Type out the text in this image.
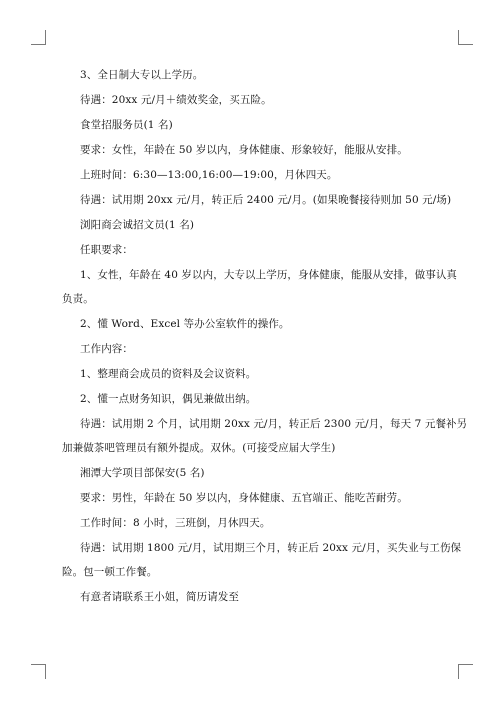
3、全日制大专以上学历。
待遇：20xx 元/月＋绩效奖金，买五险。
食堂招服务员(1 名)
要求：女性，年龄在 50 岁以内，身体健康、形象较好，能服从安排。
上班时间：6:30—13:00,16:00—19:00，月休四天。
待遇：试用期 20xx 元/月，转正后 2400 元/月。(如果晚餐接待则加 50 元/场)
浏阳商会诚招文员(1 名)
任职要求：
1、女性，年龄在 40 岁以内，大专以上学历，身体健康，能服从安排，做事认真
负责。
2、懂 Word、Excel 等办公室软件的操作。
工作内容：
1、整理商会成员的资料及会议资料。
2、懂一点财务知识，偶见兼做出纳。
待遇：试用期 2 个月，试用期 20xx 元/月，转正后 2300 元/月，每天 7 元餐补另
加兼做茶吧管理员有额外提成。双休。(可接受应届大学生)
湘潭大学项目部保安(5 名)
要求：男性，年龄在 50 岁以内，身体健康、五官端正、能吃苦耐劳。
工作时间：8 小时，三班倒，月休四天。
待遇：试用期 1800 元/月，试用期三个月，转正后 20xx 元/月，买失业与工伤保
险。包一顿工作餐。
有意者请联系王小姐，简历请发至
